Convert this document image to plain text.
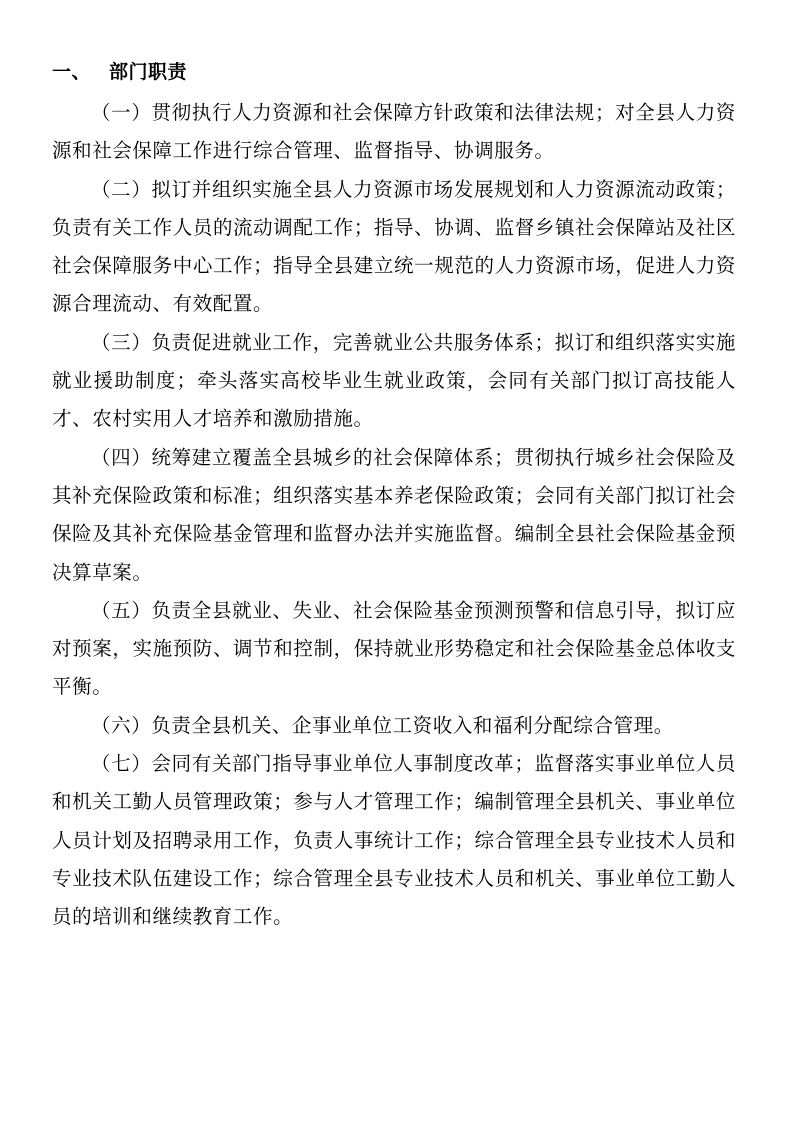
一、 部门职责

（一）贯彻执行人力资源和社会保障方针政策和法律法规；对全县人力资源和社会保障工作进行综合管理、监督指导、协调服务。

（二）拟订并组织实施全县人力资源市场发展规划和人力资源流动政策；负责有关工作人员的流动调配工作；指导、协调、监督乡镇社会保障站及社区社会保障服务中心工作；指导全县建立统一规范的人力资源市场，促进人力资源合理流动、有效配置。

（三）负责促进就业工作，完善就业公共服务体系；拟订和组织落实实施就业援助制度；牵头落实高校毕业生就业政策，会同有关部门拟订高技能人才、农村实用人才培养和激励措施。

（四）统筹建立覆盖全县城乡的社会保障体系；贯彻执行城乡社会保险及其补充保险政策和标准；组织落实基本养老保险政策；会同有关部门拟订社会保险及其补充保险基金管理和监督办法并实施监督。编制全县社会保险基金预决算草案。

（五）负责全县就业、失业、社会保险基金预测预警和信息引导，拟订应对预案，实施预防、调节和控制，保持就业形势稳定和社会保险基金总体收支平衡。

（六）负责全县机关、企事业单位工资收入和福利分配综合管理。

（七）会同有关部门指导事业单位人事制度改革；监督落实事业单位人员和机关工勤人员管理政策；参与人才管理工作；编制管理全县机关、事业单位人员计划及招聘录用工作，负责人事统计工作；综合管理全县专业技术人员和专业技术队伍建设工作；综合管理全县专业技术人员和机关、事业单位工勤人员的培训和继续教育工作。
